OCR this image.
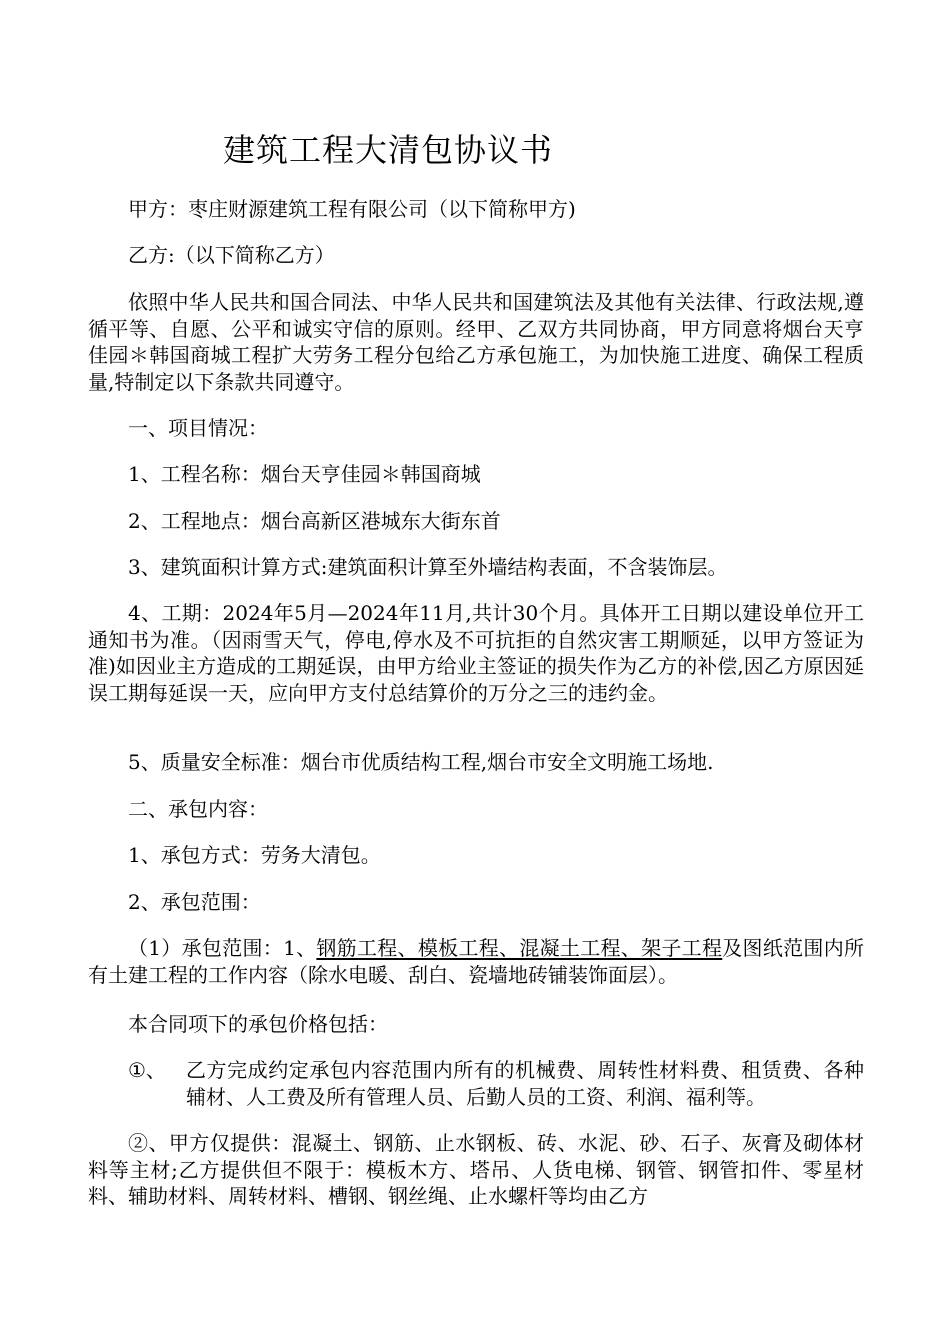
建筑工程大清包协议书

甲方：枣庄财源建筑工程有限公司（以下简称甲方)

乙方:（以下简称乙方）

依照中华人民共和国合同法、中华人民共和国建筑法及其他有关法律、行政法规,遵循平等、自愿、公平和诚实守信的原则。经甲、乙双方共同协商，甲方同意将烟台天亨佳园＊韩国商城工程扩大劳务工程分包给乙方承包施工，为加快施工进度、确保工程质量,特制定以下条款共同遵守。

一、项目情况：

1、工程名称：烟台天亨佳园＊韩国商城

2、工程地点：烟台高新区港城东大街东首

3、建筑面积计算方式:建筑面积计算至外墙结构表面，不含装饰层。

4、工期：2024年5月—2024年11月,共计30个月。具体开工日期以建设单位开工通知书为准。（因雨雪天气，停电,停水及不可抗拒的自然灾害工期顺延，以甲方签证为准)如因业主方造成的工期延误，由甲方给业主签证的损失作为乙方的补偿,因乙方原因延误工期每延误一天，应向甲方支付总结算价的万分之三的违约金。

5、质量安全标准：烟台市优质结构工程,烟台市安全文明施工场地.

二、承包内容：

1、承包方式：劳务大清包。

2、承包范围：

（1）承包范围：1、钢筋工程、模板工程、混凝土工程、架子工程及图纸范围内所有土建工程的工作内容（除水电暖、刮白、瓷墙地砖铺装饰面层）。

本合同项下的承包价格包括：

①、	乙方完成约定承包内容范围内所有的机械费、周转性材料费、租赁费、各种辅材、人工费及所有管理人员、后勤人员的工资、利润、福利等。

②、甲方仅提供：混凝土、钢筋、止水钢板、砖、水泥、砂、石子、灰膏及砌体材料等主材;乙方提供但不限于：模板木方、塔吊、人货电梯、钢管、钢管扣件、零星材料、辅助材料、周转材料、槽钢、钢丝绳、止水螺杆等均由乙方
